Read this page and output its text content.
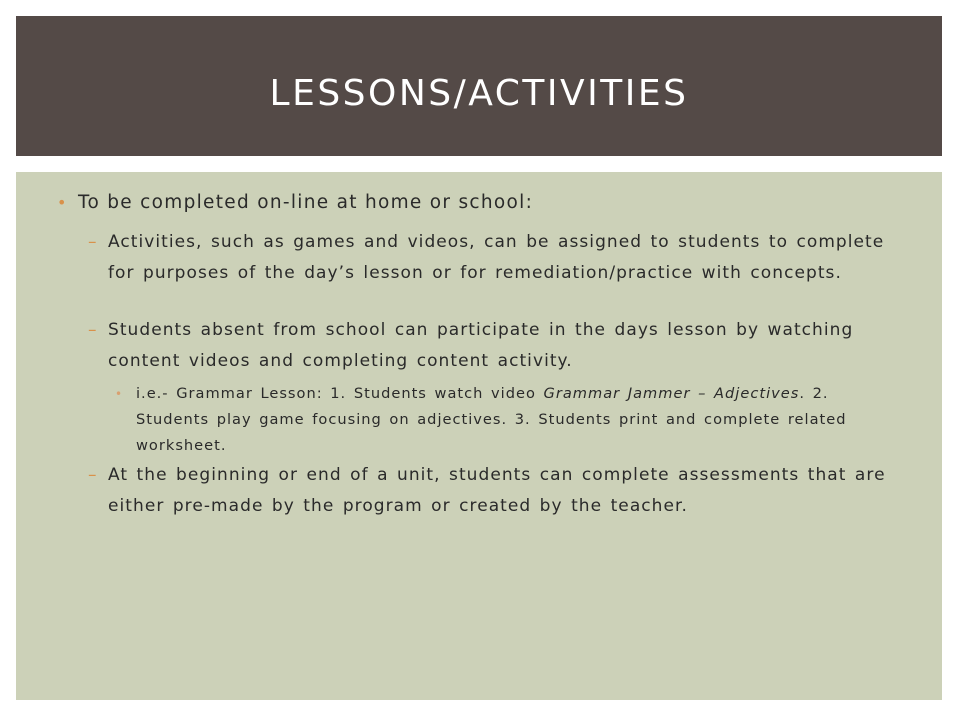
LESSONS/ACTIVITIES
• To be completed on-line at home or school:
– Activities, such as games and videos, can be assigned to students to complete for purposes of the day’s lesson or for remediation/practice with concepts.
– Students absent from school can participate in the days lesson by watching content videos and completing content activity.
• i.e.- Grammar Lesson: 1. Students watch video Grammar Jammer – Adjectives. 2. Students play game focusing on adjectives. 3. Students print and complete related worksheet.
– At the beginning or end of a unit, students can complete assessments that are either pre-made by the program or created by the teacher.
